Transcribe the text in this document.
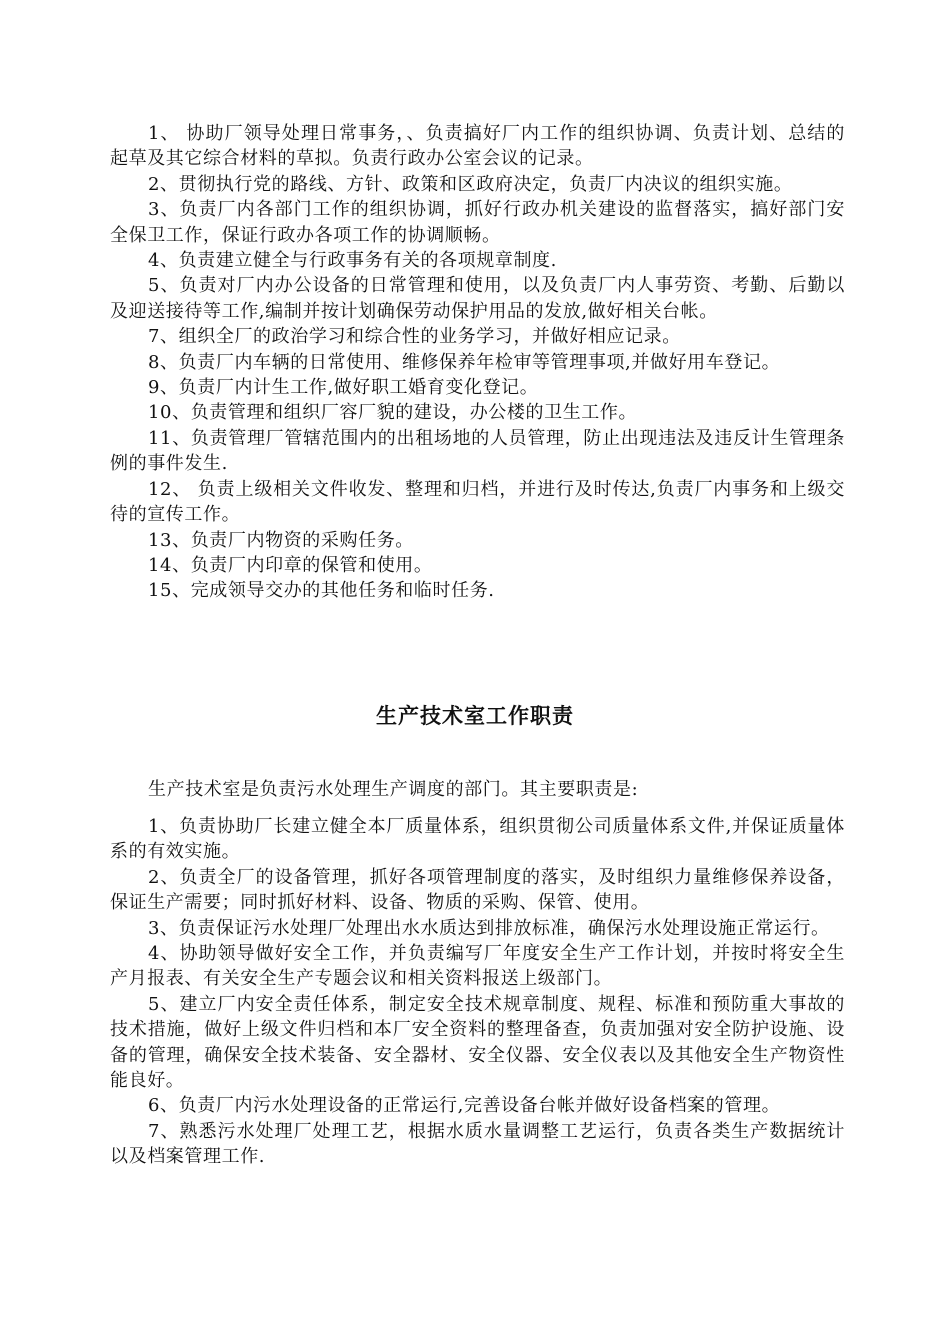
1、 协助厂领导处理日常事务，、负责搞好厂内工作的组织协调、负责计划、总结的起草及其它综合材料的草拟。负责行政办公室会议的记录。

2、贯彻执行党的路线、方针、政策和区政府决定，负责厂内决议的组织实施。

3、负责厂内各部门工作的组织协调，抓好行政办机关建设的监督落实，搞好部门安全保卫工作，保证行政办各项工作的协调顺畅。

4、负责建立健全与行政事务有关的各项规章制度.

5、负责对厂内办公设备的日常管理和使用，以及负责厂内人事劳资、考勤、后勤以及迎送接待等工作,编制并按计划确保劳动保护用品的发放,做好相关台帐。

7、组织全厂的政治学习和综合性的业务学习，并做好相应记录。

8、负责厂内车辆的日常使用、维修保养年检审等管理事项,并做好用车登记。

9、负责厂内计生工作,做好职工婚育变化登记。

10、负责管理和组织厂容厂貌的建设，办公楼的卫生工作。

11、负责管理厂管辖范围内的出租场地的人员管理，防止出现违法及违反计生管理条例的事件发生.

12、 负责上级相关文件收发、整理和归档，并进行及时传达,负责厂内事务和上级交待的宣传工作。

13、负责厂内物资的采购任务。

14、负责厂内印章的保管和使用。

15、完成领导交办的其他任务和临时任务.

生产技术室工作职责

生产技术室是负责污水处理生产调度的部门。其主要职责是:

1、负责协助厂长建立健全本厂质量体系，组织贯彻公司质量体系文件,并保证质量体系的有效实施。

2、负责全厂的设备管理，抓好各项管理制度的落实，及时组织力量维修保养设备，保证生产需要；同时抓好材料、设备、物质的采购、保管、使用。

3、负责保证污水处理厂处理出水水质达到排放标准，确保污水处理设施正常运行。

4、协助领导做好安全工作，并负责编写厂年度安全生产工作计划，并按时将安全生产月报表、有关安全生产专题会议和相关资料报送上级部门。

5、建立厂内安全责任体系，制定安全技术规章制度、规程、标准和预防重大事故的技术措施，做好上级文件归档和本厂安全资料的整理备查，负责加强对安全防护设施、设备的管理，确保安全技术装备、安全器材、安全仪器、安全仪表以及其他安全生产物资性能良好。

6、负责厂内污水处理设备的正常运行,完善设备台帐并做好设备档案的管理。

7、熟悉污水处理厂处理工艺，根据水质水量调整工艺运行，负责各类生产数据统计以及档案管理工作.
